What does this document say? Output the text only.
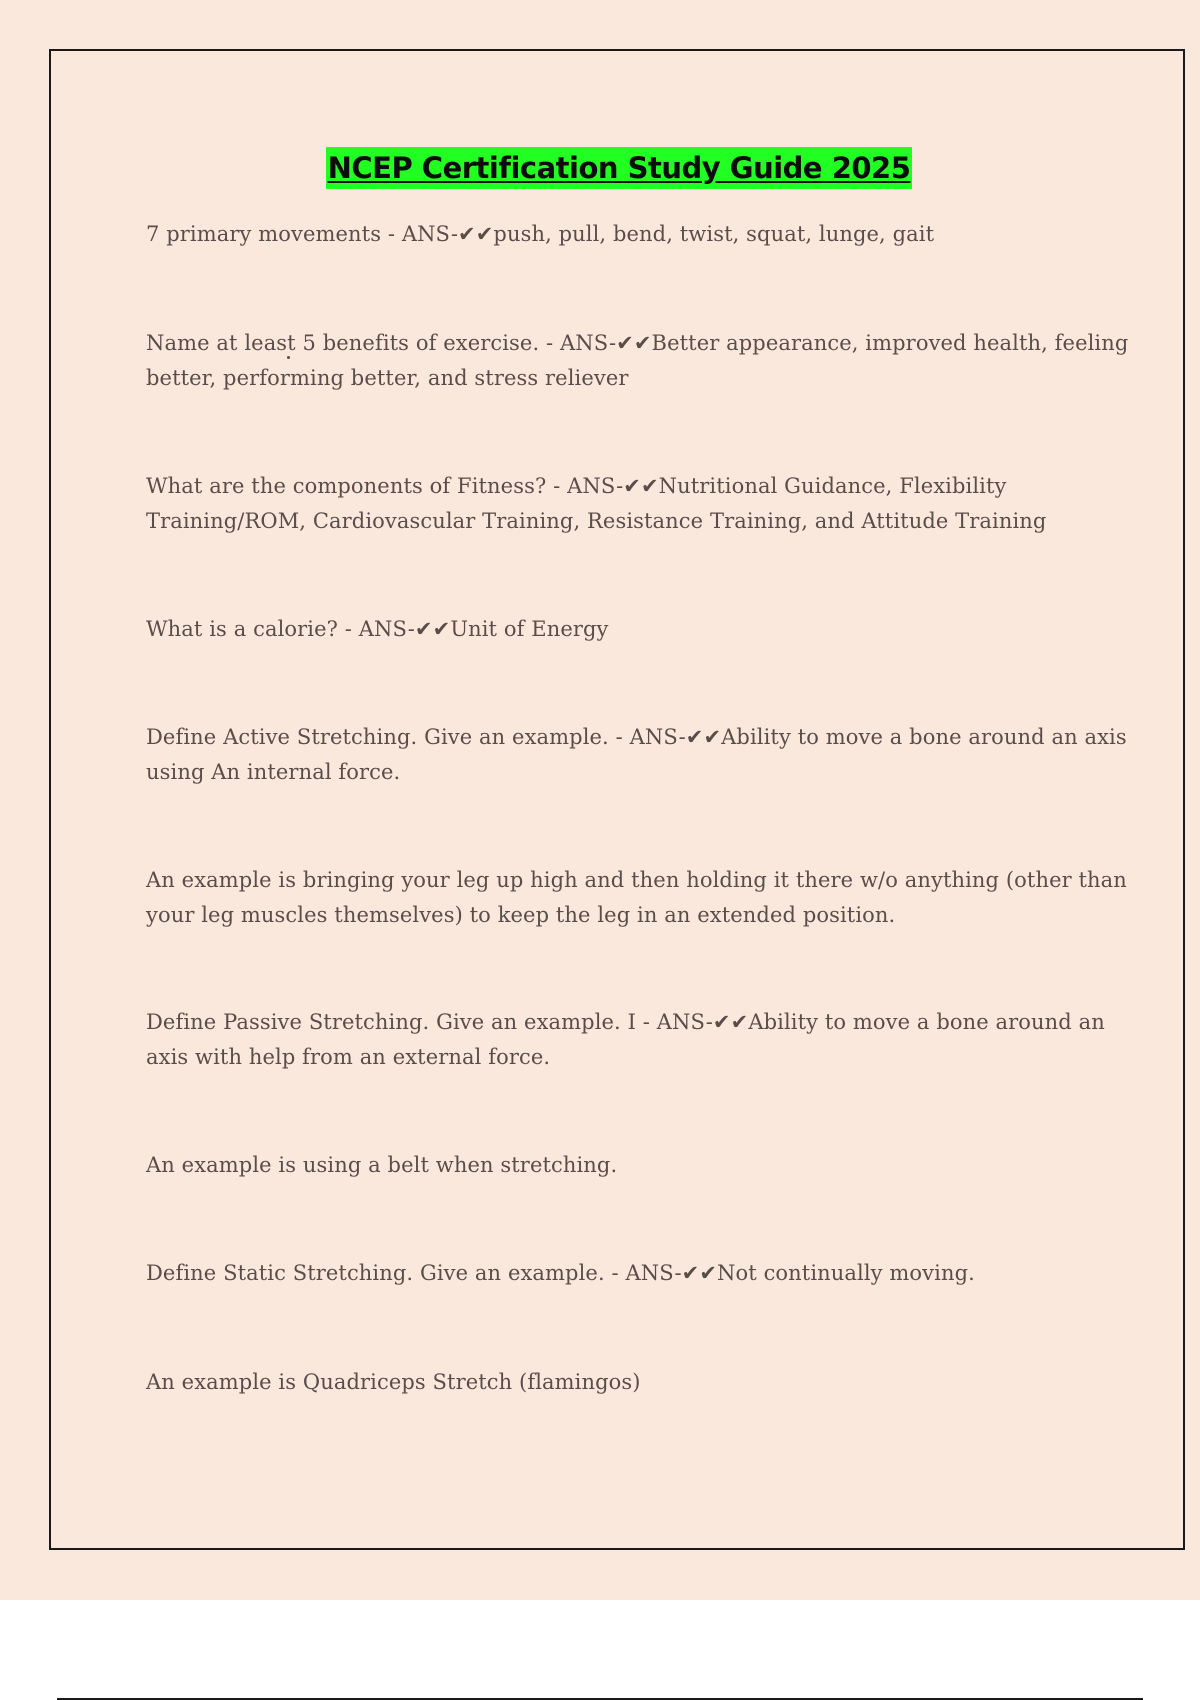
NCEP Certification Study Guide 2025
7 primary movements - ANS-✔✔push, pull, bend, twist, squat, lunge, gait
Name at least 5 benefits of exercise. - ANS-✔✔Better appearance, improved health, feeling better, performing better, and stress reliever
What are the components of Fitness? - ANS-✔✔Nutritional Guidance, Flexibility Training/ROM, Cardiovascular Training, Resistance Training, and Attitude Training
What is a calorie? - ANS-✔✔Unit of Energy
Define Active Stretching. Give an example. - ANS-✔✔Ability to move a bone around an axis using An internal force.
An example is bringing your leg up high and then holding it there w/o anything (other than your leg muscles themselves) to keep the leg in an extended position.
Define Passive Stretching. Give an example. I - ANS-✔✔Ability to move a bone around an axis with help from an external force.
An example is using a belt when stretching.
Define Static Stretching. Give an example. - ANS-✔✔Not continually moving.
An example is Quadriceps Stretch (flamingos)
